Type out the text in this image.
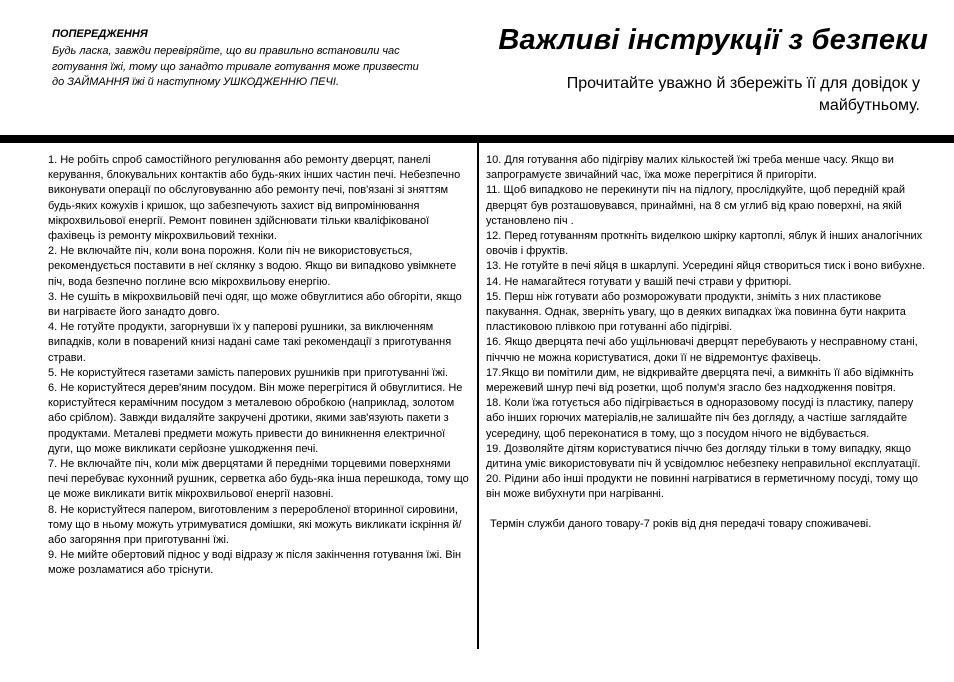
ПОПЕРЕДЖЕННЯ

Будь ласка, завжди перевіряйте, що ви правильно встановили час готування їжі, тому що занадто тривале готування може призвести до ЗАЙМАННЯ їжі й наступному УШКОДЖЕННЮ ПЕЧІ.

Важливі інструкції з безпеки

Прочитайте уважно й збережіть її для довідок у майбутньому.

1. Не робіть спроб самостійного регулювання або ремонту дверцят, панелі керування, блокувальних контактів або будь-яких інших частин печі. Небезпечно виконувати операції по обслуговуванню або ремонту печі, пов'язані зі зняттям будь-яких кожухів і кришок, що забезпечують захист від випромінювання мікрохвильової енергії. Ремонт повинен здійснювати тільки кваліфікованої фахівець із ремонту мікрохвильовий техніки.

2. Не включайте піч, коли вона порожня. Коли піч не використовується, рекомендується поставити в неї склянку з водою. Якщо ви випадково увімкнете піч, вода безпечно поглине всю мікрохвильову енергію.

3. Не сушіть в мікрохвильовій печі одяг, що може обвуглитися або обгоріти, якщо ви нагріваєте його занадто довго.

4. Не готуйте продукти, загорнувши їх у паперові рушники, за виключенням випадків, коли в поварений книзі надані саме такі рекомендації з приготування страви.

5. Не користуйтеся газетами замість паперових рушників при приготуванні їжі.

6. Не користуйтеся дерев'яним посудом. Він може перегрітися й обвуглитися. Не користуйтеся керамічним посудом з металевою обробкою (наприклад, золотом або сріблом). Завжди видаляйте закручені дротики, якими зав'язують пакети з продуктами. Металеві предмети можуть привести до виникнення електричної дуги, що може викликати серйозне ушкодження печі.

7. Не включайте піч, коли між дверцятами й передніми торцевими поверхнями печі перебуває кухонний рушник, серветка або будь-яка інша перешкода, тому що це може викликати витік мікрохвильової енергії назовні.

8. Не користуйтеся папером, виготовленим з переробленої вторинної сировини, тому що в ньому можуть утримуватися домішки, які можуть викликати іскріння й/або загоряння при приготуванні їжі.

9. Не мийте обертовий піднос у воді відразу ж після закінчення готування їжі. Він може розламатися або тріснути.

10. Для готування або підігріву малих кількостей їжі треба менше часу. Якщо ви запрограмуєте звичайний час, їжа може перегрітися й пригоріти.

11. Щоб випадково не перекинути піч на підлогу, прослідкуйте, щоб передній край дверцят був розташовувався, принаймні, на 8 см углиб від краю поверхні, на якій установлено піч .

12. Перед готуванням проткніть виделкою шкірку картоплі, яблук й інших аналогічних овочів і фруктів.

13. Не готуйте в печі яйця в шкарлупі. Усередині яйця створиться тиск і воно вибухне.

14. Не намагайтеся готувати у вашій печі страви у фритюрі.

15. Перш ніж готувати або розморожувати продукти, зніміть з них пластикове пакування. Однак, зверніть увагу, що в деяких випадках їжа повинна бути накрита пластиковою плівкою при готуванні або підігріві.

16. Якщо дверцята печі або ущільнювачі дверцят перебувають у несправному стані, пічччю не можна користуватися, доки її не відремонтує фахівець.

17.Якщо ви помітили дим, не відкривайте дверцята печі, а вимкніть її або відімкніть мережевий шнур печі від розетки, щоб полум'я згасло без надходження повітря.

18. Коли їжа готується або підігрівається в одноразовому посуді із пластику, паперу або інших горючих матеріалів,не залишайте піч без догляду, а частіше заглядайте усередину, щоб переконатися в тому, що з посудом нічого не відбувається.

19. Дозволяйте дітям користуватися піччю без догляду тільки в тому випадку, якщо дитина уміє використовувати піч й усвідомлює небезпеку неправильної експлуатації.

20. Рідини або інші продукти не повинні нагріватися в герметичному посуді, тому що він може вибухнути при нагріванні.

Термін служби даного товару-7 років від дня передачі товару споживачеві.
